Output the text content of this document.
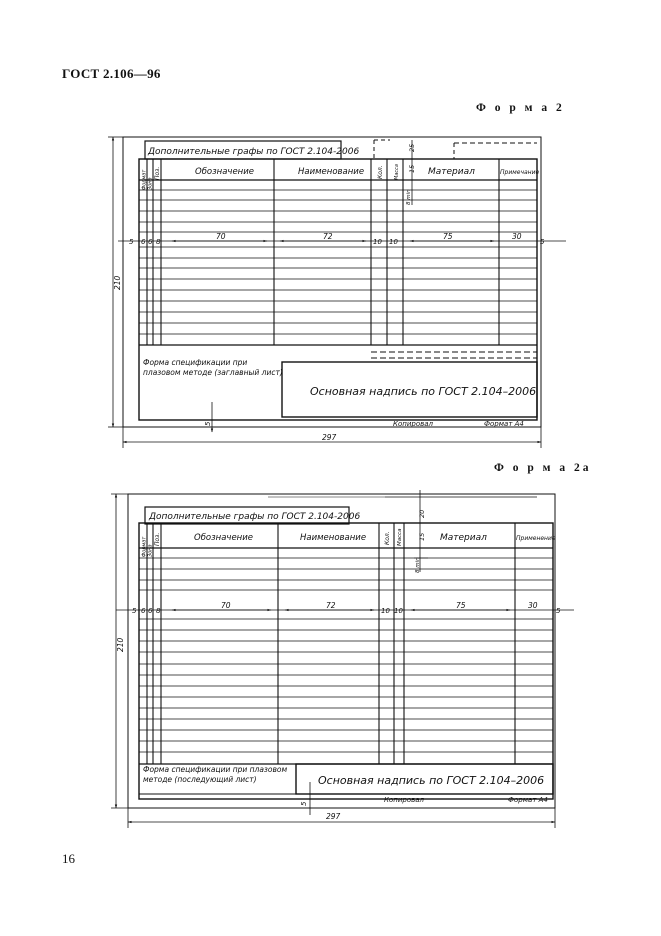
ГОСТ 2.106—96
Ф о р м а 2
Ф о р м а 2а
16
Дополнительные графы по ГОСТ 2.104-2006
Формат Зона
Поз.	Обозначение	Наименование Кол. Масса	Материал	Примечание
5 6 6 8
70	72
10 10
75	30
5
25
15
8 min
210
297
5
Форма спецификации при плазовом методе (заглавный лист)
Основная надпись по ГОСТ 2.104–2006
Копировал	Формат А4
Дополнительные графы по ГОСТ 2.104-2006
Формат Зона
Поз.	Обозначение	Наименование	Кол. Масса	Материал	Применение
5 6 6 8
70	72
10 10
75	30
5
20
15
8 min
210
297
5
Форма спецификации при плазовом методе (последующий лист)	Основная надпись по ГОСТ 2.104–2006
Копировал	Формат А4
